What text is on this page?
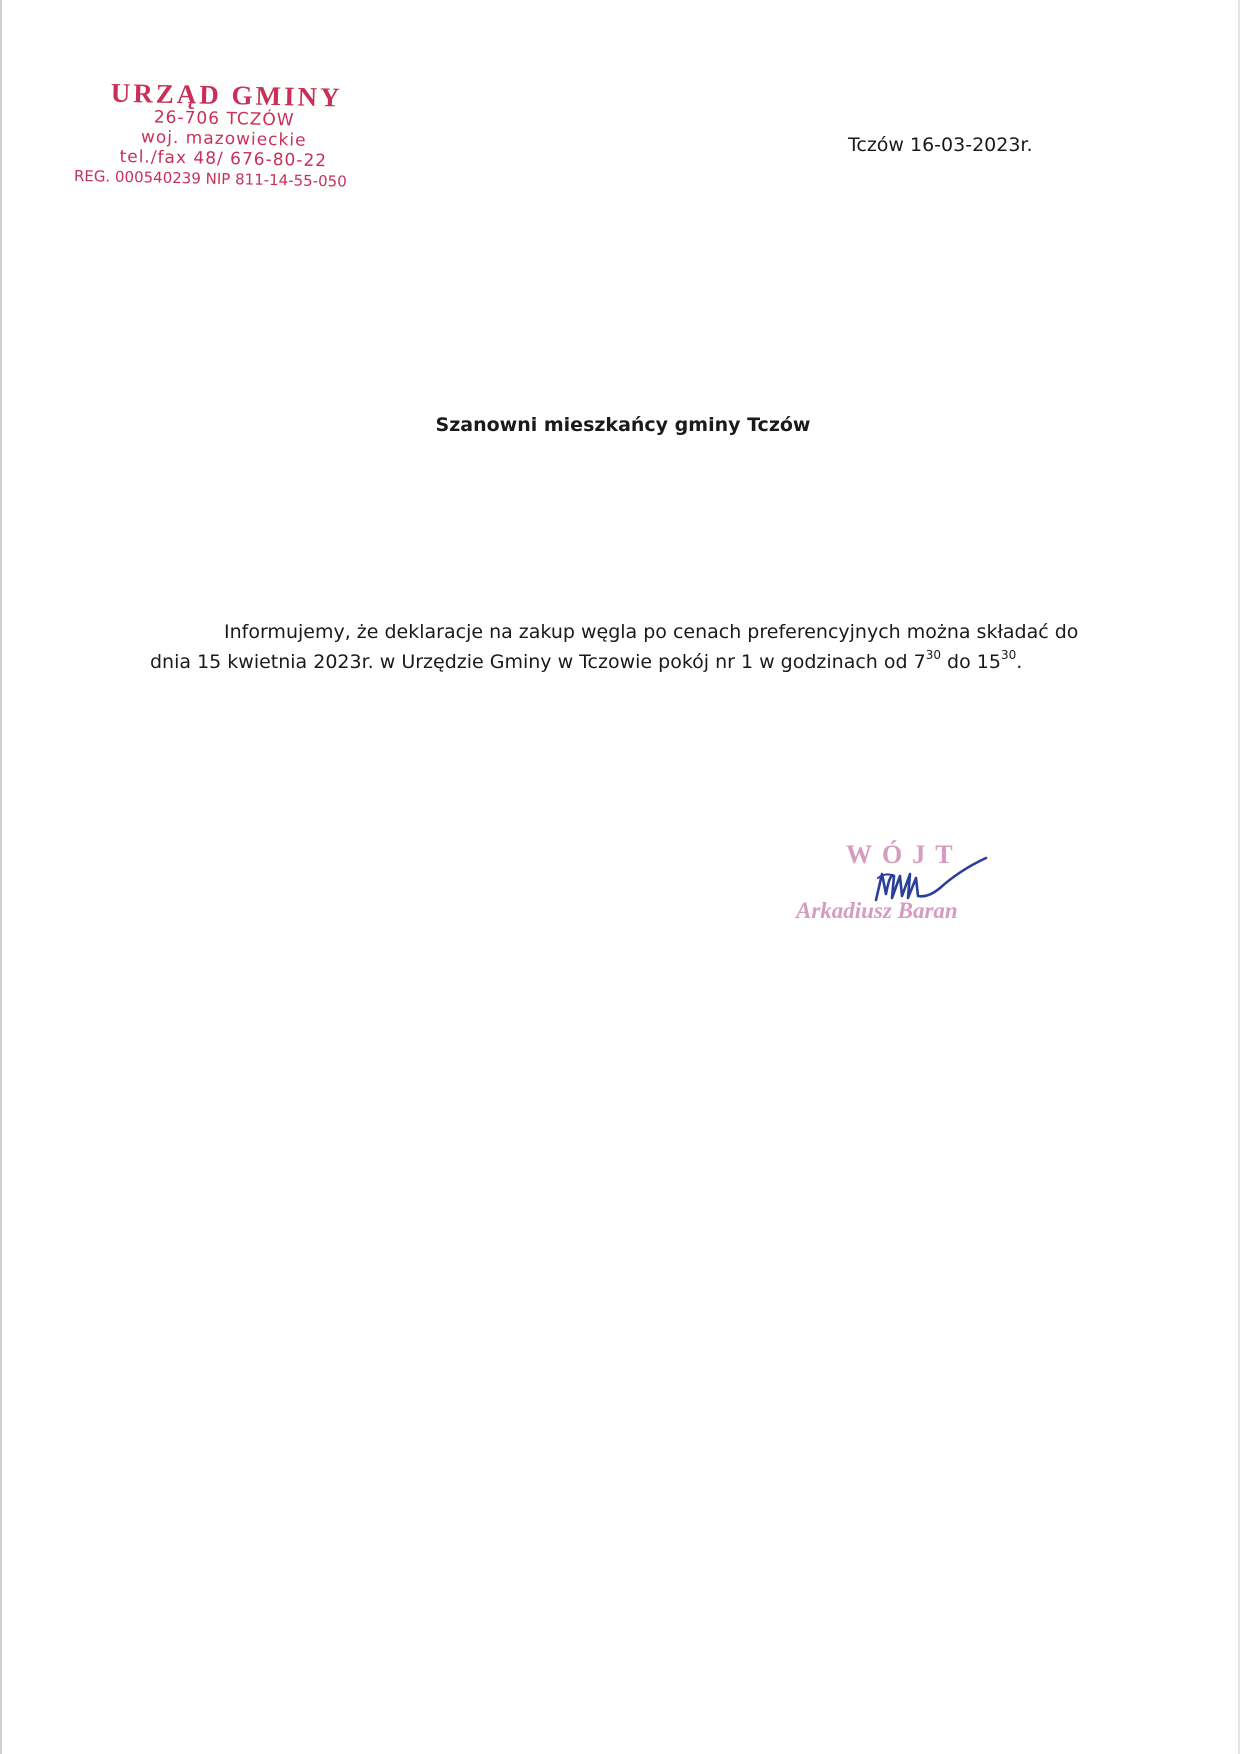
URZĄD GMINY
26-706 TCZÓW
woj. mazowieckie
tel./fax 48/ 676-80-22
REG. 000540239 NIP 811-14-55-050
Tczów 16-03-2023r.
Szanowni mieszkańcy gminy Tczów

Informujemy, że deklaracje na zakup węgla po cenach preferencyjnych można składać do dnia 15 kwietnia 2023r. w Urzędzie Gminy w Tczowie pokój nr 1 w godzinach od $7^{30}$ do $15^{30}$.

WÓJT
Arkadiusz Baran
